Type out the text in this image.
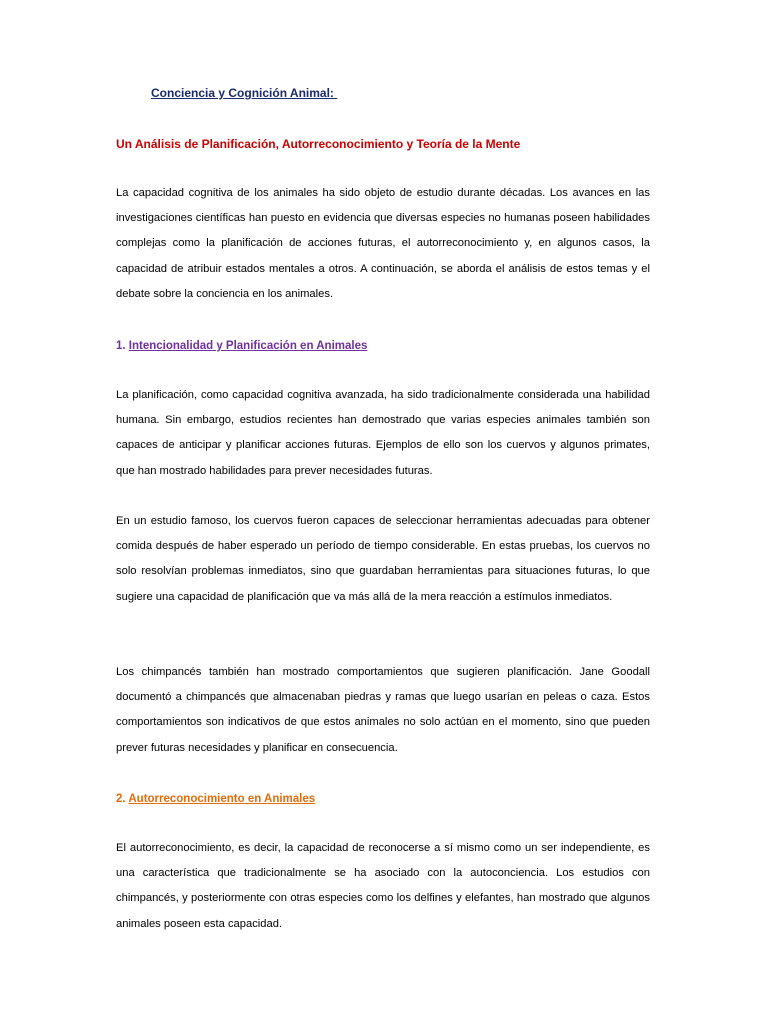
Conciencia y Cognición Animal:
Un Análisis de Planificación, Autorreconocimiento y Teoría de la Mente

La capacidad cognitiva de los animales ha sido objeto de estudio durante décadas. Los avances en las investigaciones científicas han puesto en evidencia que diversas especies no humanas poseen habilidades complejas como la planificación de acciones futuras, el autorreconocimiento y, en algunos casos, la capacidad de atribuir estados mentales a otros. A continuación, se aborda el análisis de estos temas y el debate sobre la conciencia en los animales.

1. Intencionalidad y Planificación en Animales

La planificación, como capacidad cognitiva avanzada, ha sido tradicionalmente considerada una habilidad humana. Sin embargo, estudios recientes han demostrado que varias especies animales también son capaces de anticipar y planificar acciones futuras. Ejemplos de ello son los cuervos y algunos primates, que han mostrado habilidades para prever necesidades futuras.

En un estudio famoso, los cuervos fueron capaces de seleccionar herramientas adecuadas para obtener comida después de haber esperado un período de tiempo considerable. En estas pruebas, los cuervos no solo resolvían problemas inmediatos, sino que guardaban herramientas para situaciones futuras, lo que sugiere una capacidad de planificación que va más allá de la mera reacción a estímulos inmediatos.

Los chimpancés también han mostrado comportamientos que sugieren planificación. Jane Goodall documentó a chimpancés que almacenaban piedras y ramas que luego usarían en peleas o caza. Estos comportamientos son indicativos de que estos animales no solo actúan en el momento, sino que pueden prever futuras necesidades y planificar en consecuencia.

2. Autorreconocimiento en Animales

El autorreconocimiento, es decir, la capacidad de reconocerse a sí mismo como un ser independiente, es una característica que tradicionalmente se ha asociado con la autoconciencia. Los estudios con chimpancés, y posteriormente con otras especies como los delfines y elefantes, han mostrado que algunos animales poseen esta capacidad.
